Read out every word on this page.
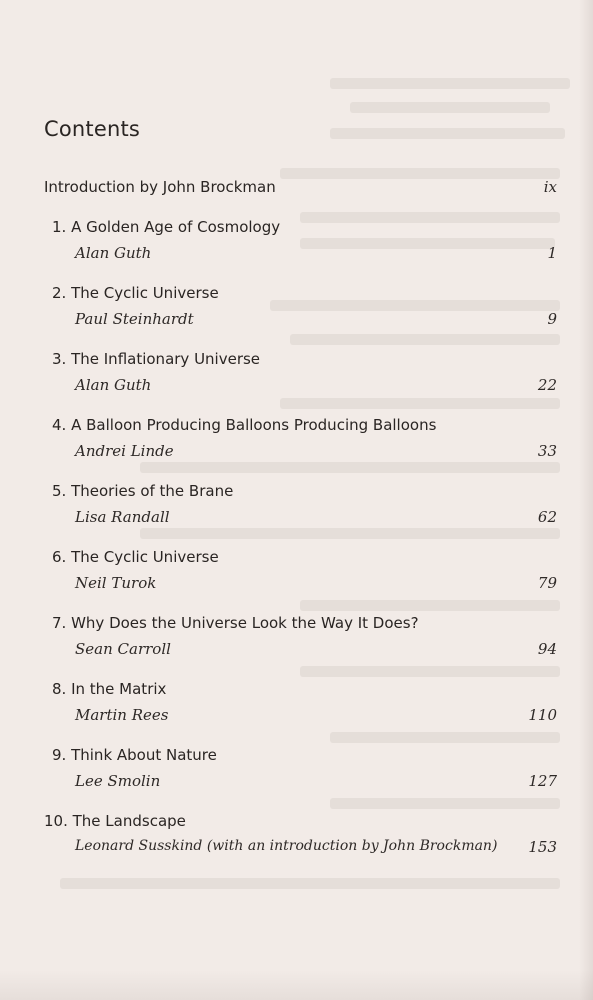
Contents
Introduction by John Brockman	ix
1. A Golden Age of Cosmology
Alan Guth	1
2. The Cyclic Universe
Paul Steinhardt	9
3. The Inflationary Universe
Alan Guth	22
4. A Balloon Producing Balloons Producing Balloons
Andrei Linde	33
5. Theories of the Brane
Lisa Randall	62
6. The Cyclic Universe
Neil Turok	79
7. Why Does the Universe Look the Way It Does?
Sean Carroll	94
8. In the Matrix
Martin Rees	110
9. Think About Nature
Lee Smolin	127
10. The Landscape
Leonard Susskind (with an introduction by John Brockman) 153
